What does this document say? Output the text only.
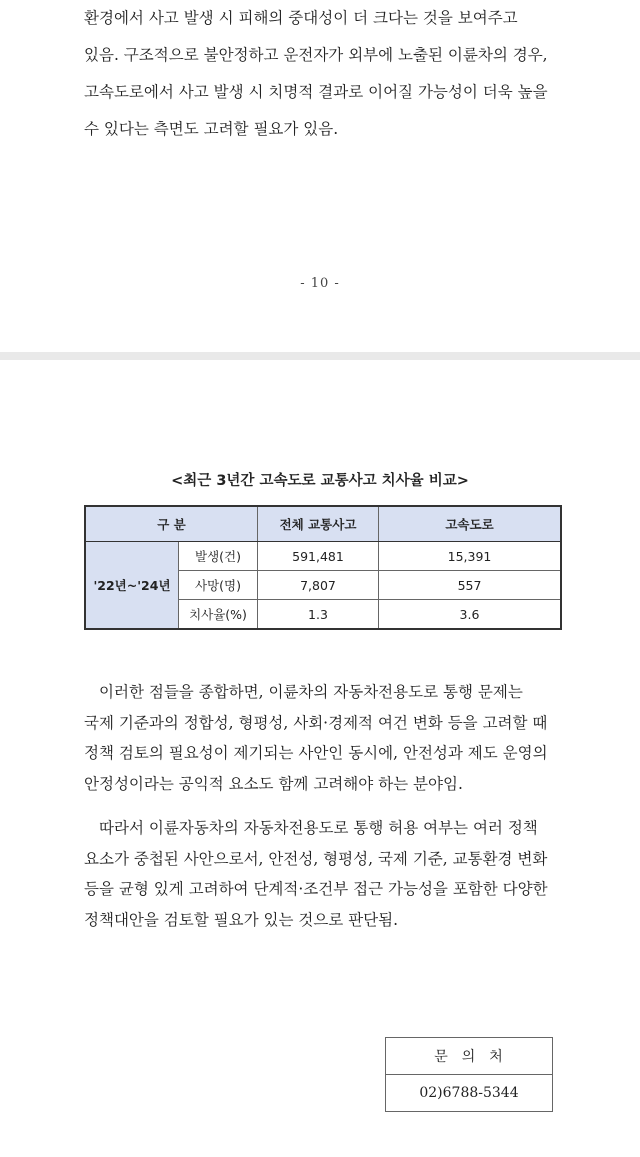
환경에서 사고 발생 시 피해의 중대성이 더 크다는 것을 보여주고
있음. 구조적으로 불안정하고 운전자가 외부에 노출된 이륜차의 경우,
고속도로에서 사고 발생 시 치명적 결과로 이어질 가능성이 더욱 높을
수 있다는 측면도 고려할 필요가 있음.
- 10 -
<최근 3년간 고속도로 교통사고 치사율 비교>
구 분		전체 교통사고	고속도로
'22년~'24년	발생(건)	591,481	15,391
	사망(명)	7,807	557
	치사율(%)	1.3	3.6
이러한 점들을 종합하면, 이륜차의 자동차전용도로 통행 문제는
국제 기준과의 정합성, 형평성, 사회·경제적 여건 변화 등을 고려할 때
정책 검토의 필요성이 제기되는 사안인 동시에, 안전성과 제도 운영의
안정성이라는 공익적 요소도 함께 고려해야 하는 분야임.
따라서 이륜자동차의 자동차전용도로 통행 허용 여부는 여러 정책
요소가 중첩된 사안으로서, 안전성, 형평성, 국제 기준, 교통환경 변화
등을 균형 있게 고려하여 단계적·조건부 접근 가능성을 포함한 다양한
정책대안을 검토할 필요가 있는 것으로 판단됨.
문의처
02)6788-5344
